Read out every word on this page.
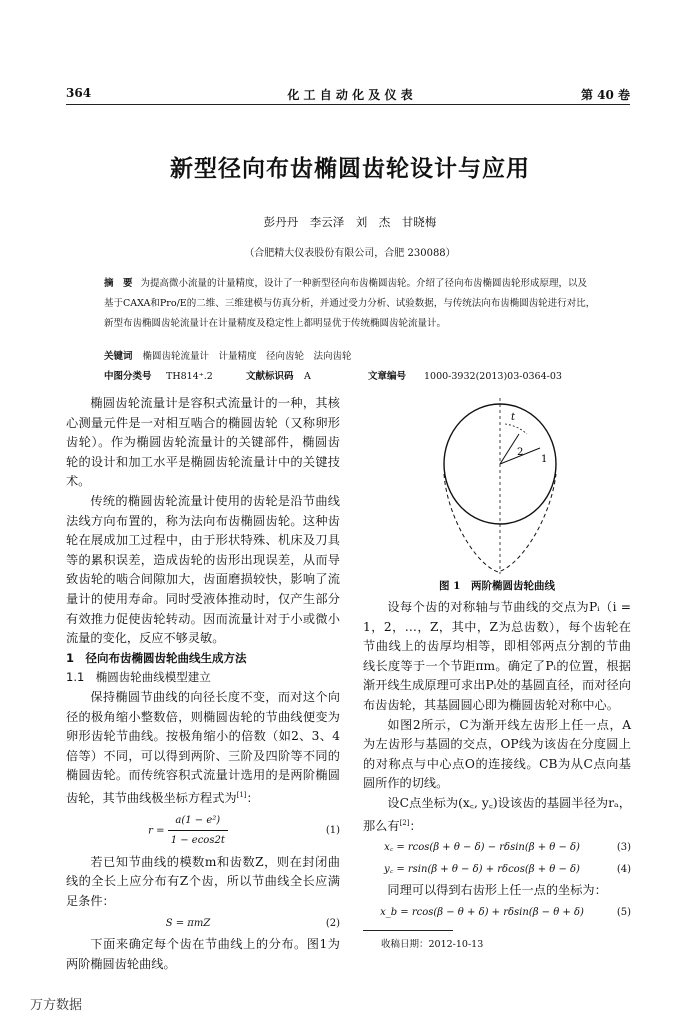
364	化 工 自 动 化 及 仪 表	第 40 卷
新型径向布齿椭圆齿轮设计与应用
彭丹丹　李云泽　刘　杰　甘晓梅
（合肥精大仪表股份有限公司，合肥 230088）
摘　要 为提高微小流量的计量精度，设计了一种新型径向布齿椭圆齿轮。介绍了径向布齿椭圆齿轮形成原理，以及基于CAXA和Pro/E的二维、三维建模与仿真分析，并通过受力分析、试验数据，与传统法向布齿椭圆齿轮进行对比，新型布齿椭圆齿轮流量计在计量精度及稳定性上都明显优于传统椭圆齿轮流量计。
关键词 椭圆齿轮流量计　计量精度　径向齿轮　法向齿轮
中图分类号 TH814⁺.2	文献标识码 A	文章编号 1000-3932(2013)03-0364-03

椭圆齿轮流量计是容积式流量计的一种，其核心测量元件是一对相互啮合的椭圆齿轮（又称卵形齿轮）。作为椭圆齿轮流量计的关键部件，椭圆齿轮的设计和加工水平是椭圆齿轮流量计中的关键技术。

传统的椭圆齿轮流量计使用的齿轮是沿节曲线法线方向布置的，称为法向布齿椭圆齿轮。这种齿轮在展成加工过程中，由于形状特殊、机床及刀具等的累积误差，造成齿轮的齿形出现误差，从而导致齿轮的啮合间隙加大，齿面磨损较快，影响了流量计的使用寿命。同时受液体推动时，仅产生部分有效推力促使齿轮转动。因而流量计对于小或微小流量的变化，反应不够灵敏。

1　径向布齿椭圆齿轮曲线生成方法

1.1　椭圆齿轮曲线模型建立

保持椭圆节曲线的向径长度不变，而对这个向径的极角缩小整数倍，则椭圆齿轮的节曲线便变为卵形齿轮节曲线。按极角缩小的倍数（如2、3、4倍等）不同，可以得到两阶、三阶及四阶等不同的椭圆齿轮。而传统容积式流量计选用的是两阶椭圆齿轮，其节曲线极坐标方程式为[1]：

$r = \frac{\text{a(1 − e²)}}{1 - ecos2t}$	(1)

若已知节曲线的模数m和齿数Z，则在封闭曲线的全长上应分布有Z个齿，所以节曲线全长应满足条件：

S = πmZ	(2)

下面来确定每个齿在节曲线上的分布。图1为两阶椭圆齿轮曲线。

t
2
1
图 1　两阶椭圆齿轮曲线

设每个齿的对称轴与节曲线的交点为Pᵢ（i = 1，2，…，Z，其中，Z为总齿数），每个齿轮在节曲线上的齿厚均相等，即相邻两点分割的节曲线长度等于一个节距πm。确定了Pᵢ的位置，根据渐开线生成原理可求出Pᵢ处的基圆直径，而对径向布齿齿轮，其基圆圆心即为椭圆齿轮对称中心。

如图2所示，C为渐开线左齿形上任一点，A为左齿形与基圆的交点，OP线为该齿在分度圆上的对称点与中心点O的连接线。CB为从C点向基圆所作的切线。

设C点坐标为(x꜀, y꜀)设该齿的基圆半径为rₐ，那么有[2]：

x꜀ = rcos(β + θ − δ) − rδsin(β + θ − δ)	(3)
y꜀ = rsin(β + θ − δ) + rδcos(β + θ − δ)	(4)

同理可以得到右齿形上任一点的坐标为：

x_b = rcos(β − θ + δ) + rδsin(β − θ + δ)	(5)
收稿日期：2012-10-13
万方数据
